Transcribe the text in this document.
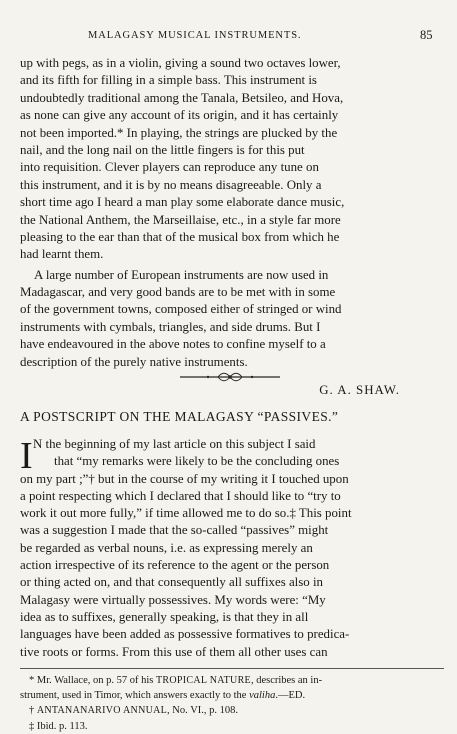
MALAGASY MUSICAL INSTRUMENTS.	85
up with pegs, as in a violin, giving a sound two octaves lower,
and its fifth for filling in a simple bass. This instrument is
undoubtedly traditional among the Tanala, Betsileo, and Hova,
as none can give any account of its origin, and it has certainly
not been imported.* In playing, the strings are plucked by the
nail, and the long nail on the little fingers is for this put
into requisition. Clever players can reproduce any tune on
this instrument, and it is by no means disagreeable. Only a
short time ago I heard a man play some elaborate dance music,
the National Anthem, the Marseillaise, etc., in a style far more
pleasing to the ear than that of the musical box from which he
had learnt them.
A large number of European instruments are now used in
Madagascar, and very good bands are to be met with in some
of the government towns, composed either of stringed or wind
instruments with cymbals, triangles, and side drums. But I
have endeavoured in the above notes to confine myself to a
description of the purely native instruments.
G. A. SHAW.
A POSTSCRIPT ON THE MALAGASY “PASSIVES.”
I N the beginning of my last article on this subject I said
that “my remarks were likely to be the concluding ones
on my part ;”† but in the course of my writing it I touched upon
a point respecting which I declared that I should like to “try to
work it out more fully,” if time allowed me to do so.‡ This point
was a suggestion I made that the so-called “passives” might
be regarded as verbal nouns, i.e. as expressing merely an
action irrespective of its reference to the agent or the person
or thing acted on, and that consequently all suffixes also in
Malagasy were virtually possessives. My words were: “My
idea as to suffixes, generally speaking, is that they in all
languages have been added as possessive formatives to predica-
tive roots or forms. From this use of them all other uses can
* Mr. Wallace, on p. 57 of his TROPICAL NATURE, describes an in-
strument, used in Timor, which answers exactly to the valiha.—ED.
† ANTANANARIVO ANNUAL, No. VI., p. 108.
‡ Ibid. p. 113.
